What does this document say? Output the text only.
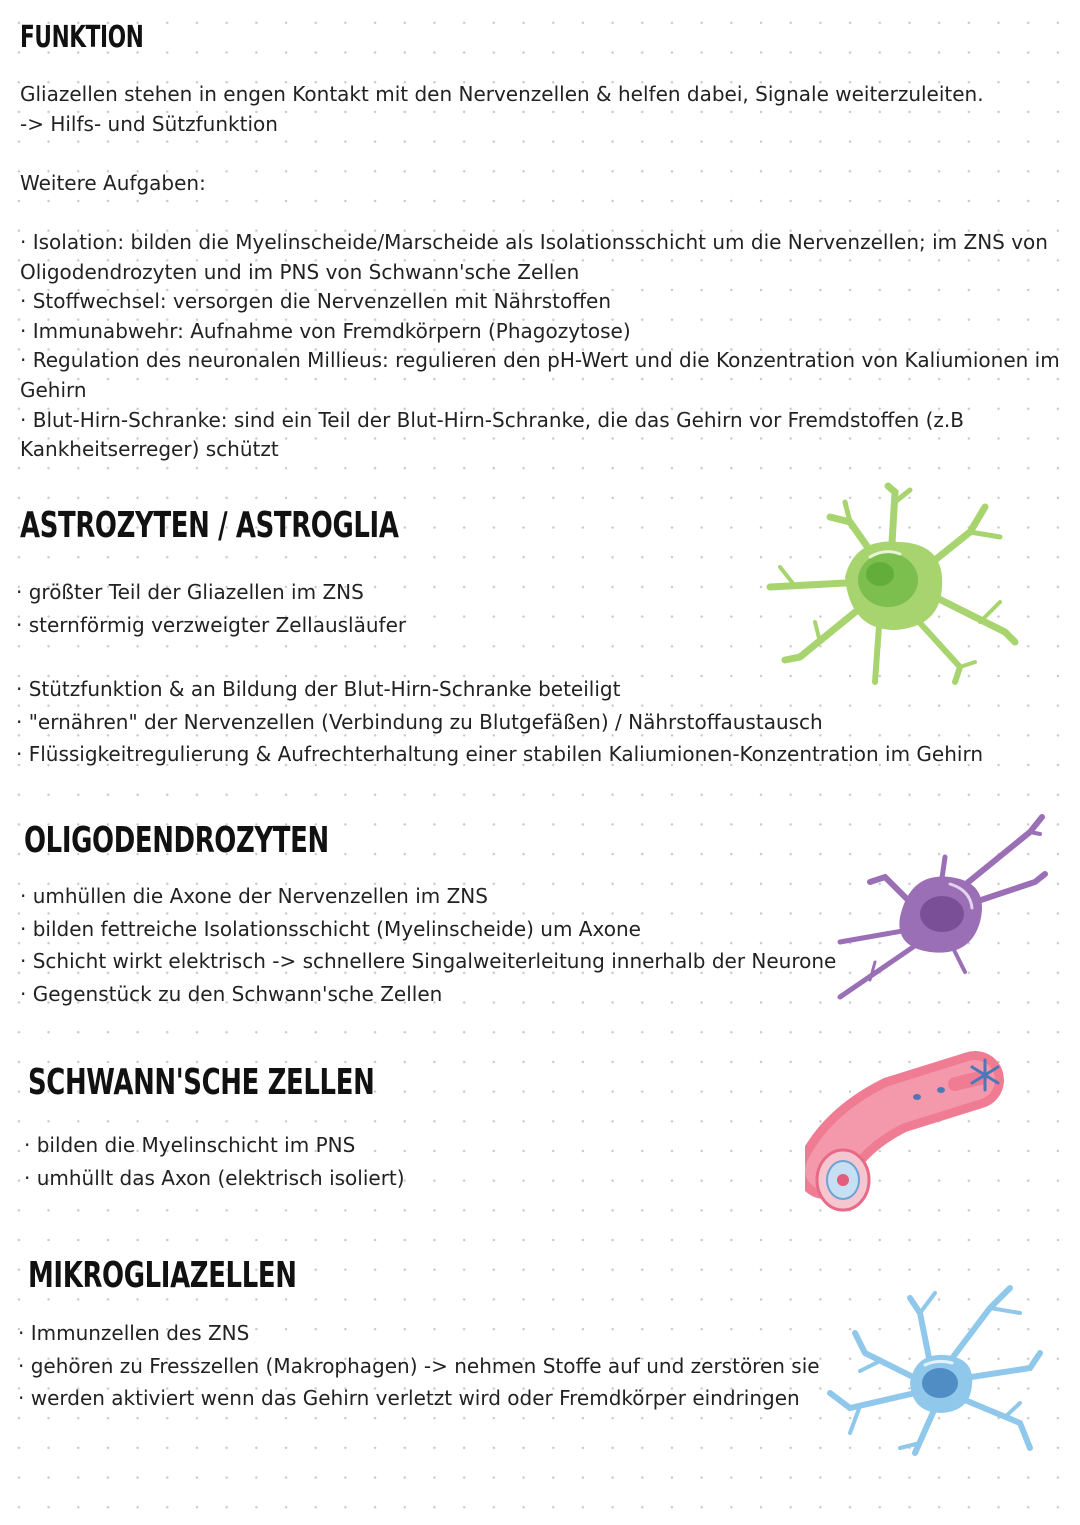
FUNKTION

Gliazellen stehen in engen Kontakt mit den Nervenzellen & helfen dabei, Signale weiterzuleiten.

-> Hilfs- und Sützfunktion

Weitere Aufgaben:

· Isolation: bilden die Myelinscheide/Marscheide als Isolationsschicht um die Nervenzellen; im ZNS von Oligodendrozyten und im PNS von Schwann'sche Zellen
· Stoffwechsel: versorgen die Nervenzellen mit Nährstoffen
· Immunabwehr: Aufnahme von Fremdkörpern (Phagozytose)
· Regulation des neuronalen Millieus: regulieren den pH-Wert und die Konzentration von Kaliumionen im Gehirn
· Blut-Hirn-Schranke: sind ein Teil der Blut-Hirn-Schranke, die das Gehirn vor Fremdstoffen (z.B Kankheitserreger) schützt
ASTROZYTEN / ASTROGLIA
· größter Teil der Gliazellen im ZNS
· sternförmig verzweigter Zellausläufer
· Stützfunktion & an Bildung der Blut-Hirn-Schranke beteiligt
· "ernähren" der Nervenzellen (Verbindung zu Blutgefäßen) / Nährstoffaustausch
· Flüssigkeitregulierung & Aufrechterhaltung einer stabilen Kaliumionen-Konzentration im Gehirn
OLIGODENDROZYTEN
· umhüllen die Axone der Nervenzellen im ZNS
· bilden fettreiche Isolationsschicht (Myelinscheide) um Axone
· Schicht wirkt elektrisch -> schnellere Singalweiterleitung innerhalb der Neurone
· Gegenstück zu den Schwann'sche Zellen
SCHWANN'SCHE ZELLEN
· bilden die Myelinschicht im PNS
· umhüllt das Axon (elektrisch isoliert)
MIKROGLIAZELLEN
· Immunzellen des ZNS
· gehören zu Fresszellen (Makrophagen) -> nehmen Stoffe auf und zerstören sie
· werden aktiviert wenn das Gehirn verletzt wird oder Fremdkörper eindringen
